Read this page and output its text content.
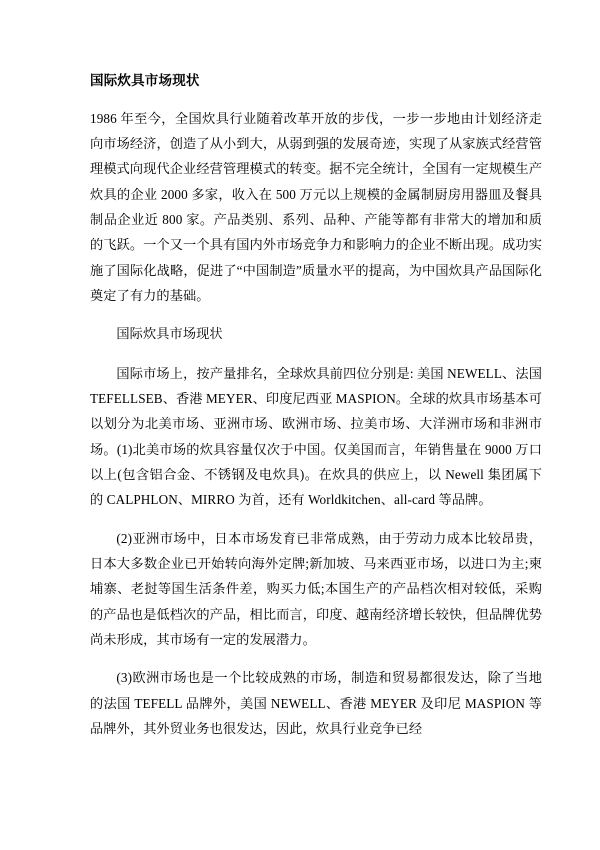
国际炊具市场现状

1986 年至今，全国炊具行业随着改革开放的步伐，一步一步地由计划经济走向市场经济，创造了从小到大，从弱到强的发展奇迹，实现了从家族式经营管理模式向现代企业经营管理模式的转变。据不完全统计，全国有一定规模生产炊具的企业 2000 多家，收入在 500 万元以上规模的金属制厨房用器皿及餐具制品企业近 800 家。产品类别、系列、品种、产能等都有非常大的增加和质的飞跃。一个又一个具有国内外市场竞争力和影响力的企业不断出现。成功实施了国际化战略，促进了“中国制造”质量水平的提高，为中国炊具产品国际化奠定了有力的基础。

国际炊具市场现状

国际市场上，按产量排名，全球炊具前四位分别是: 美国 NEWELL、法国 TEFELLSEB、香港 MEYER、印度尼西亚 MASPION。全球的炊具市场基本可以划分为北美市场、亚洲市场、欧洲市场、拉美市场、大洋洲市场和非洲市场。(1)北美市场的炊具容量仅次于中国。仅美国而言，年销售量在 9000 万口以上(包含铝合金、不锈钢及电炊具)。在炊具的供应上，以 Newell 集团属下的 CALPHLON、MIRRO 为首，还有 Worldkitchen、all-card 等品牌。

(2)亚洲市场中，日本市场发育已非常成熟，由于劳动力成本比较昂贵，日本大多数企业已开始转向海外定牌;新加坡、马来西亚市场，以进口为主;柬埔寨、老挝等国生活条件差，购买力低;本国生产的产品档次相对较低，采购的产品也是低档次的产品，相比而言，印度、越南经济增长较快，但品牌优势尚未形成，其市场有一定的发展潜力。

(3)欧洲市场也是一个比较成熟的市场，制造和贸易都很发达，除了当地的法国 TEFELL 品牌外，美国 NEWELL、香港 MEYER 及印尼 MASPION 等品牌外，其外贸业务也很发达，因此，炊具行业竞争已经
